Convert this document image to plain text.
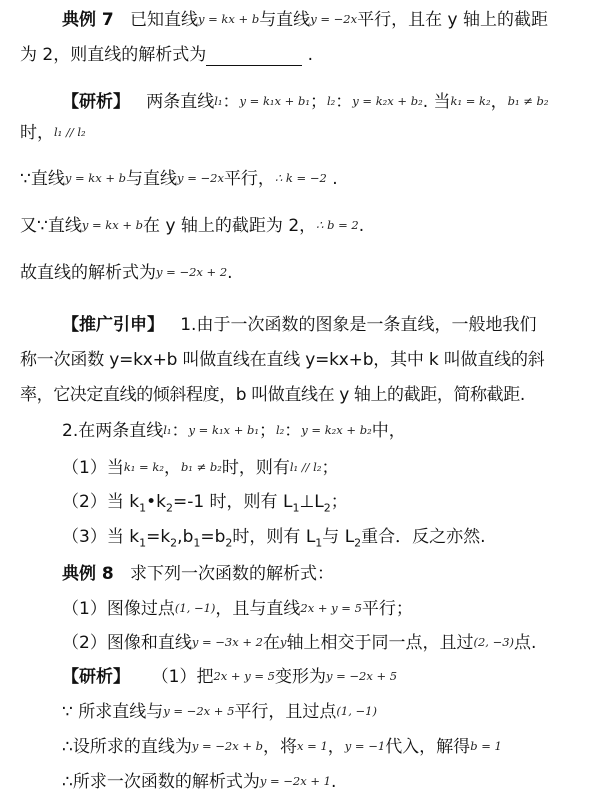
典例 7 已知直线y = kx + b与直线y = −2x平行，且在 y 轴上的截距
为 2，则直线的解析式为	.
【研析】 两条直线l₁：y = k₁x + b₁；l₂：y = k₂x + b₂. 当k₁ = k₂，b₁ ≠ b₂
时，l₁ // l₂
∵直线y = kx + b与直线y = −2x平行，∴ k = −2 .
又∵直线y = kx + b在 y 轴上的截距为 2，∴ b = 2.
故直线的解析式为y = −2x + 2.
【推广引申】 1.由于一次函数的图象是一条直线，一般地我们
称一次函数 y=kx+b 叫做直线在直线 y=kx+b，其中 k 叫做直线的斜
率，它决定直线的倾斜程度，b 叫做直线在 y 轴上的截距，简称截距.
2.在两条直线l₁：y = k₁x + b₁；l₂：y = k₂x + b₂中，
（1）当k₁ = k₂，b₁ ≠ b₂时，则有l₁ // l₂；
（2）当 $k_1•k_2=-1$ 时，则有 $L_1\perp L_2$；
（3）当 $k_1=k_2,b_1=b_2$时，则有 $L_1$与 $L_2$重合．反之亦然.
典例 8 求下列一次函数的解析式：
（1）图像过点(1, −1)，且与直线2x + y = 5平行；
（2）图像和直线y = −3x + 2在y轴上相交于同一点，且过(2, −3)点.
【研析】 （1）把2x + y = 5变形为y = −2x + 5
∵ 所求直线与y = −2x + 5平行，且过点(1, −1)
∴设所求的直线为y = −2x + b，将x = 1，y = −1代入，解得b = 1
∴所求一次函数的解析式为y = −2x + 1.
